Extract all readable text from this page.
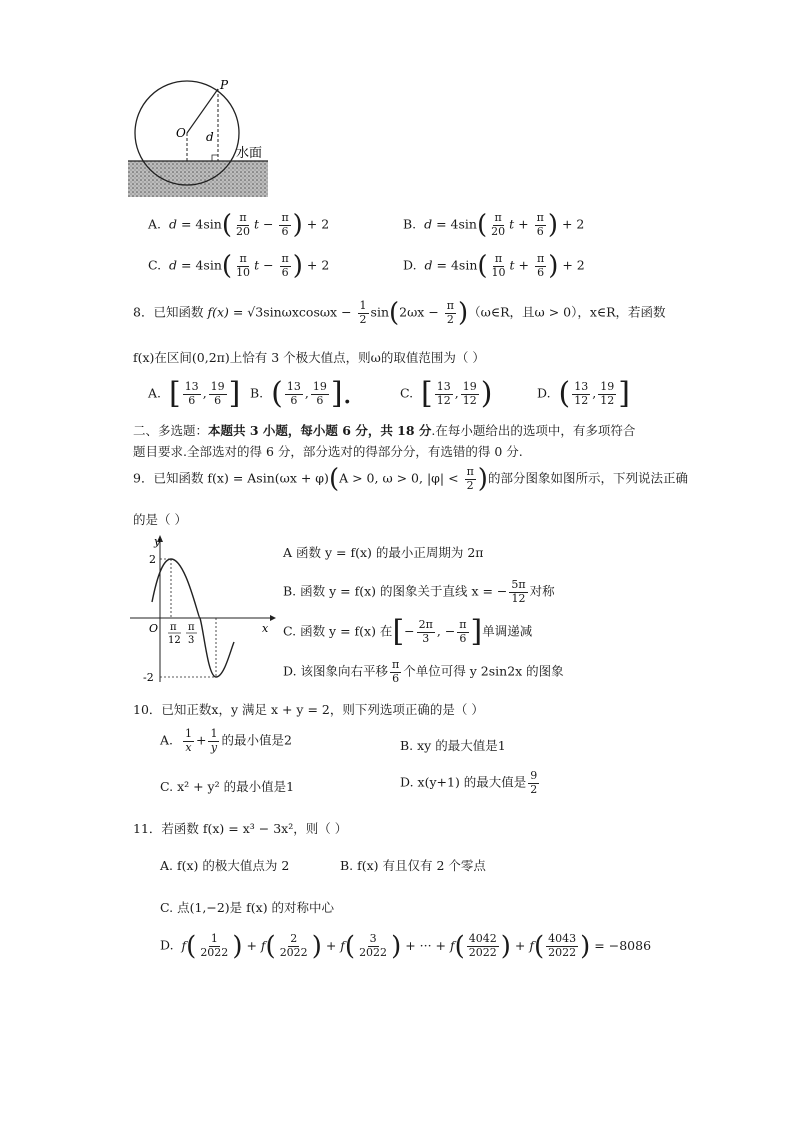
P
O d
水面
A. $d = 4\sin( \frac{\pi}{20}$ $t - \frac{\pi}{6}$ ) + 2	B. $d = 4\sin( \frac{\pi}{20}$ $t + \frac{\pi}{6}$ ) + 2
C. $d = 4\sin( \frac{\pi}{10}$ $t - \frac{\pi}{6}$ ) + 2	D. $d = 4\sin( \frac{\pi}{10}$ $t + \frac{\pi}{6}$ ) + 2
8．已知函数 $f(x) = √3\sin\omega xcos\omega x - \frac{1}{2} \sin(2\omega x - \frac{\pi}{2}$ )（ω∈R，且ω > 0），x∈R，若函数
f(x)在区间(0,2π)上恰有 3 个极大值点，则ω的取值范围为（ ）
A. [ $\frac{13}{6}$ , $\frac{19}{6}$ ] B. ( $\frac{13}{6}$ , $\frac{19}{6}$ ].	C. [ $\frac{13}{12}$ , $\frac{19}{12}$ )	D. ( $\frac{13}{12}$ , $\frac{19}{12}$ ]
二、多选题：本题共 3 小题，每小题 6 分，共 18 分.在每小题给出的选项中，有多项符合
题目要求.全部选对的得 6 分，部分选对的得部分分，有选错的得 0 分.
9．已知函数 f(x) = Asin(ωx + φ)(A > 0, ω > 0, $|\varphi| < \frac{\pi}{2}$ )的部分图象如图所示，下列说法正确
的是（ ）
y
x
O
2
-2
π
12
π
3
A 函数 y = f(x) 的最小正周期为 2π
B. 函数 y = f(x) 的图象关于直线 x = − $\frac{5\pi}{12}$ 对称
C. 函数 y = f(x) 在[− $\frac{2\pi}{3}$ , − $\frac{\pi}{6}$ ]单调递减
D. 该图象向右平移 $\frac{\pi}{6}$ 个单位可得 y 2sin2x 的图象
10．已知正数x，y 满足 x + y = 2，则下列选项正确的是（ ）
A. $\frac{1}{x} + \frac{1}{y}$ 的最小值是2	B. xy 的最大值是1
C. x² + y² 的最小值是1	D. x(y+1) 的最大值是 $\frac{9}{2}$
11．若函数 f(x) = x³ − 3x²，则（ ）
A. f(x) 的极大值点为 2	B. f(x) 有且仅有 2 个零点
C. 点(1,−2)是 f(x) 的对称中心
D. $f( \frac{1}{2022}$ ) + $f( \frac{2}{2022}$ ) + $f( \frac{3}{2022}$ ) + ··· + $f( \frac{4042}{2022}$ ) + $f( \frac{4043}{2022}$ ) = −8086
